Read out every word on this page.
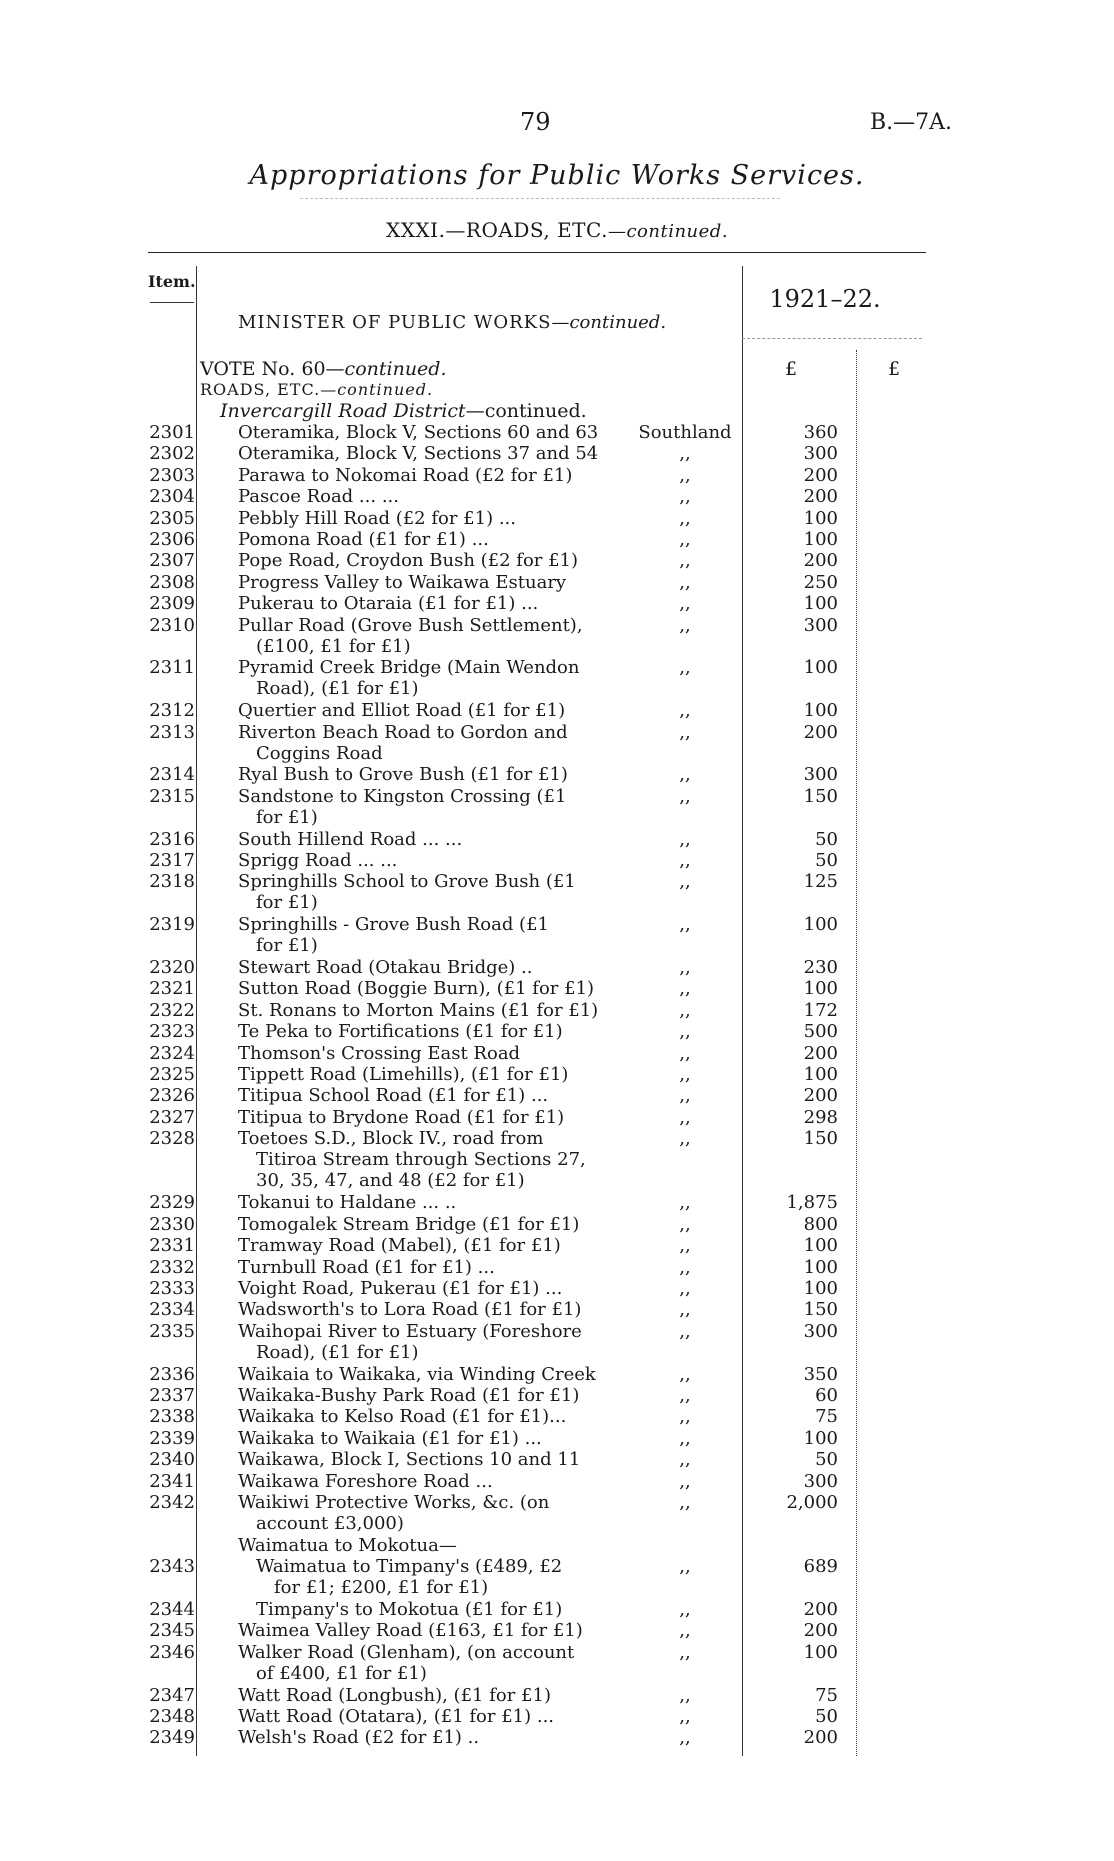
79	B.—7A.
Appropriations for Public Works Services.
XXXI.—ROADS, ETC.—continued.
Item.
1921–22.
MINISTER OF PUBLIC WORKS—continued.
VOTE No. 60—continued.	£	£
ROADS, ETC.—continued.
Invercargill Road District—continued.
2301 Oteramika, Block V, Sections 60 and 63	Southland	360
2302 Oteramika, Block V, Sections 37 and 54	,,	300
2303 Parawa to Nokomai Road (£2 for £1)	,,	200
2304 Pascoe Road ... ...	,,	200
2305 Pebbly Hill Road (£2 for £1) ...	,,	100
2306 Pomona Road (£1 for £1) ...	,,	100
2307 Pope Road, Croydon Bush (£2 for £1)	,,	200
2308 Progress Valley to Waikawa Estuary	,,	250
2309 Pukerau to Otaraia (£1 for £1) ...	,,	100
2310 Pullar Road (Grove Bush Settlement),
(£100, £1 for £1)
,,	300
2311 Pyramid Creek Bridge (Main Wendon
Road), (£1 for £1)
,,	100
2312 Quertier and Elliot Road (£1 for £1)	,,	100
2313 Riverton Beach Road to Gordon and
Coggins Road
,,	200
2314 Ryal Bush to Grove Bush (£1 for £1)	,,	300
2315 Sandstone to Kingston Crossing (£1
for £1)
,,	150
2316 South Hillend Road ... ...	,,	50
2317 Sprigg Road ... ...	,,	50
2318 Springhills School to Grove Bush (£1
for £1)
,,	125
2319 Springhills - Grove Bush Road (£1
for £1)
,,	100
2320 Stewart Road (Otakau Bridge) ..	,,	230
2321 Sutton Road (Boggie Burn), (£1 for £1)	,,	100
2322 St. Ronans to Morton Mains (£1 for £1)	,,	172
2323 Te Peka to Fortifications (£1 for £1)	,,	500
2324 Thomson's Crossing East Road	,,	200
2325 Tippett Road (Limehills), (£1 for £1)	,,	100
2326 Titipua School Road (£1 for £1) ...	,,	200
2327 Titipua to Brydone Road (£1 for £1)	,,	298
2328 Toetoes S.D., Block IV., road from
Titiroa Stream through Sections 27,
30, 35, 47, and 48 (£2 for £1)
,,	150
2329 Tokanui to Haldane ... ..	,,	1,875
2330 Tomogalek Stream Bridge (£1 for £1)	,,	800
2331 Tramway Road (Mabel), (£1 for £1)	,,	100
2332 Turnbull Road (£1 for £1) ...	,,	100
2333 Voight Road, Pukerau (£1 for £1) ...	,,	100
2334 Wadsworth's to Lora Road (£1 for £1)	,,	150
2335 Waihopai River to Estuary (Foreshore
Road), (£1 for £1)
,,	300
2336 Waikaia to Waikaka, via Winding Creek	,,	350
2337 Waikaka-Bushy Park Road (£1 for £1)	,,	60
2338 Waikaka to Kelso Road (£1 for £1)...	,,	75
2339 Waikaka to Waikaia (£1 for £1) ...	,,	100
2340 Waikawa, Block I, Sections 10 and 11	,,	50
2341 Waikawa Foreshore Road ...	,,	300
2342 Waikiwi Protective Works, &c. (on
account £3,000)
,,	2,000
Waimatua to Mokotua—
2343	Waimatua to Timpany's (£489, £2
for £1; £200, £1 for £1)
,,	689
2344	Timpany's to Mokotua (£1 for £1)	,,	200
2345 Waimea Valley Road (£163, £1 for £1)	,,	200
2346 Walker Road (Glenham), (on account
of £400, £1 for £1)
,,	100
2347 Watt Road (Longbush), (£1 for £1)	,,	75
2348 Watt Road (Otatara), (£1 for £1) ...	,,	50
2349 Welsh's Road (£2 for £1) ..	,,	200
